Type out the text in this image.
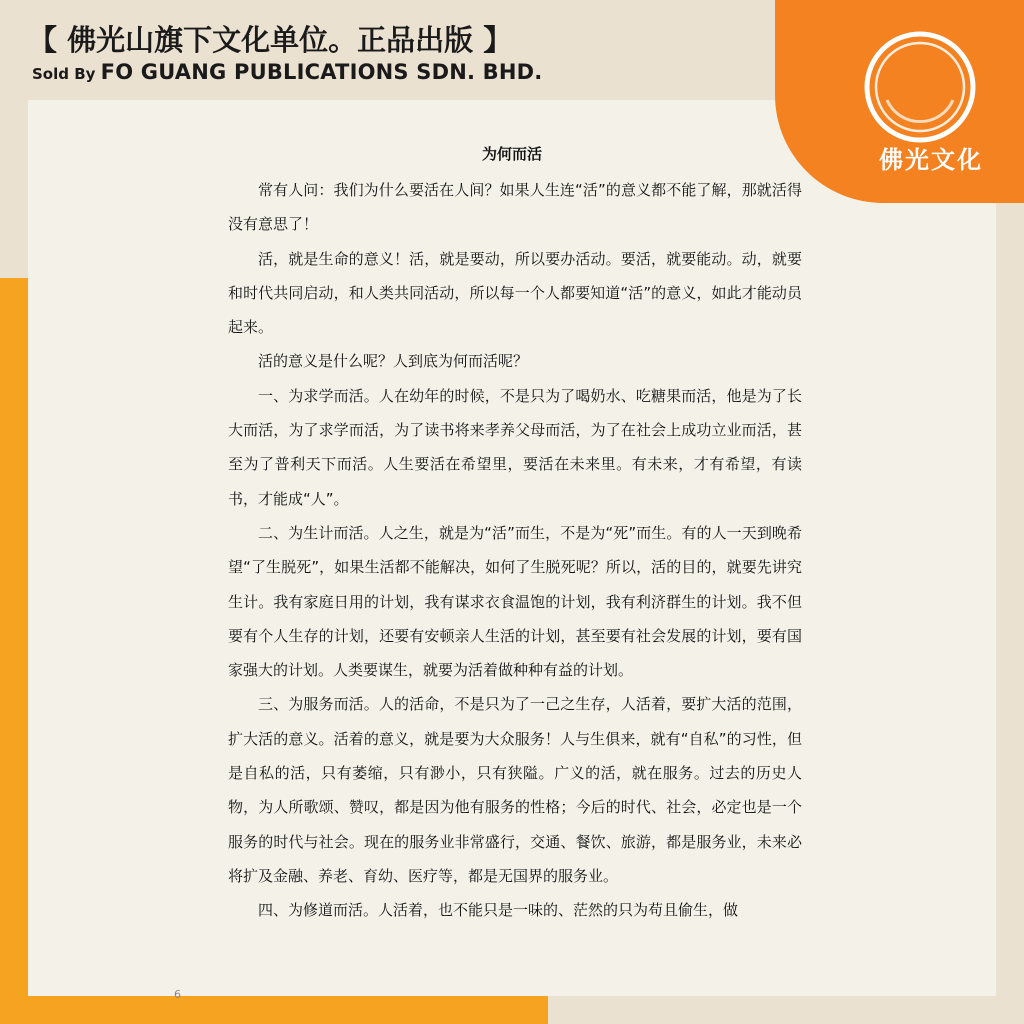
【 佛光山旗下文化单位。正品出版 】
Sold By FO GUANG PUBLICATIONS SDN. BHD.
为何而活

常有人问：我们为什么要活在人间？如果人生连“活”的意义都不能了解，那就活得没有意思了！

活，就是生命的意义！活，就是要动，所以要办活动。要活，就要能动。动，就要和时代共同启动，和人类共同活动，所以每一个人都要知道“活”的意义，如此才能动员起来。

活的意义是什么呢？人到底为何而活呢？

一、为求学而活。人在幼年的时候，不是只为了喝奶水、吃糖果而活，他是为了长大而活，为了求学而活，为了读书将来孝养父母而活，为了在社会上成功立业而活，甚至为了普利天下而活。人生要活在希望里，要活在未来里。有未来，才有希望，有读书，才能成“人”。

二、为生计而活。人之生，就是为“活”而生，不是为“死”而生。有的人一天到晚希望“了生脱死”，如果生活都不能解决，如何了生脱死呢？所以，活的目的，就要先讲究生计。我有家庭日用的计划，我有谋求衣食温饱的计划，我有利济群生的计划。我不但要有个人生存的计划，还要有安顿亲人生活的计划，甚至要有社会发展的计划，要有国家强大的计划。人类要谋生，就要为活着做种种有益的计划。

三、为服务而活。人的活命，不是只为了一己之生存，人活着，要扩大活的范围，扩大活的意义。活着的意义，就是要为大众服务！人与生俱来，就有“自私”的习性，但是自私的活，只有萎缩，只有渺小，只有狭隘。广义的活，就在服务。过去的历史人物，为人所歌颂、赞叹，都是因为他有服务的性格；今后的时代、社会，必定也是一个服务的时代与社会。现在的服务业非常盛行，交通、餐饮、旅游，都是服务业，未来必将扩及金融、养老、育幼、医疗等，都是无国界的服务业。

四、为修道而活。人活着，也不能只是一味的、茫然的只为苟且偷生，做

6
佛光文化
